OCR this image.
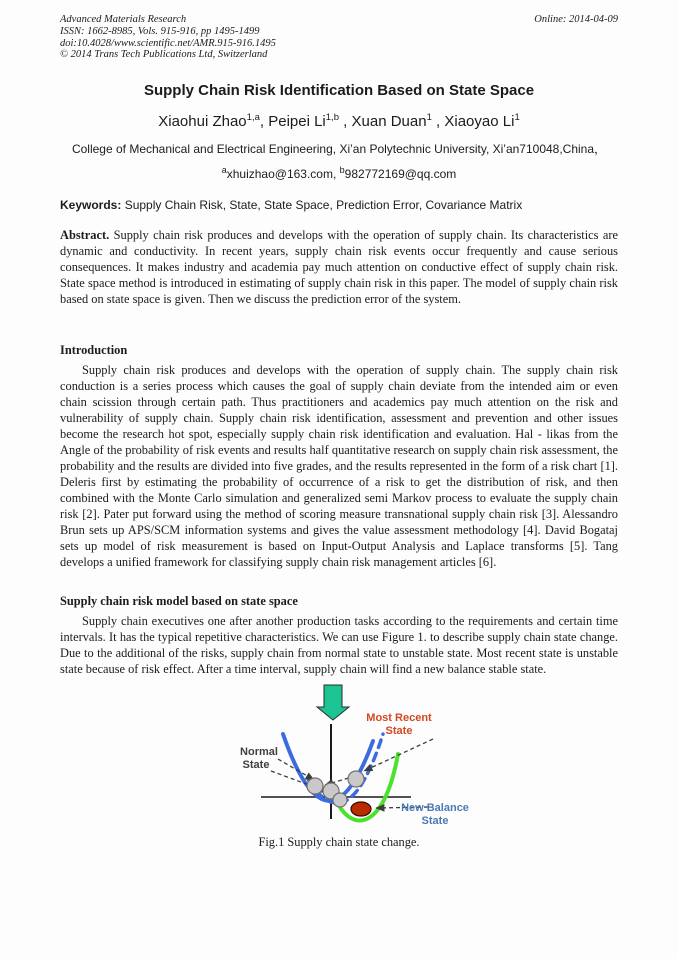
Advanced Materials Research
ISSN: 1662-8985, Vols. 915-916, pp 1495-1499
doi:10.4028/www.scientific.net/AMR.915-916.1495
© 2014 Trans Tech Publications Ltd, Switzerland
Online: 2014-04-09
Supply Chain Risk Identification Based on State Space
Xiaohui Zhao$^{1,a}$, Peipei Li$^{1,b}$ , Xuan Duan$^1$ , Xiaoyao Li$^1$
College of Mechanical and Electrical Engineering, Xi’an Polytechnic University, Xi’an710048,China，
$^a$xhuizhao@163.com, $^b$982772169@qq.com

Keywords: Supply Chain Risk, State, State Space, Prediction Error, Covariance Matrix

Abstract. Supply chain risk produces and develops with the operation of supply chain. Its characteristics are dynamic and conductivity. In recent years, supply chain risk events occur frequently and cause serious consequences. It makes industry and academia pay much attention on conductive effect of supply chain risk. State space method is introduced in estimating of supply chain risk in this paper. The model of supply chain risk based on state space is given. Then we discuss the prediction error of the system.

Introduction

Supply chain risk produces and develops with the operation of supply chain. The supply chain risk conduction is a series process which causes the goal of supply chain deviate from the intended aim or even chain scission through certain path. Thus practitioners and academics pay much attention on the risk and vulnerability of supply chain. Supply chain risk identification, assessment and prevention and other issues become the research hot spot, especially supply chain risk identification and evaluation. Hal - likas from the Angle of the probability of risk events and results half quantitative research on supply chain risk assessment, the probability and the results are divided into five grades, and the results represented in the form of a risk chart [1]. Deleris first by estimating the probability of occurrence of a risk to get the distribution of risk, and then combined with the Monte Carlo simulation and generalized semi Markov process to evaluate the supply chain risk [2]. Pater put forward using the method of scoring measure transnational supply chain risk [3]. Alessandro Brun sets up APS/SCM information systems and gives the value assessment methodology [4]. David Bogataj sets up model of risk measurement is based on Input-Output Analysis and Laplace transforms [5]. Tang develops a unified framework for classifying supply chain risk management articles [6].

Supply chain risk model based on state space

Supply chain executives one after another production tasks according to the requirements and certain time intervals. It has the typical repetitive characteristics. We can use Figure 1. to describe supply chain state change. Due to the additional of the risks, supply chain from normal state to unstable state. Most recent state is unstable state because of risk effect. After a time interval, supply chain will find a new balance stable state.

Normal
State
Most Recent
State
New Balance
State
Fig.1 Supply chain state change.
